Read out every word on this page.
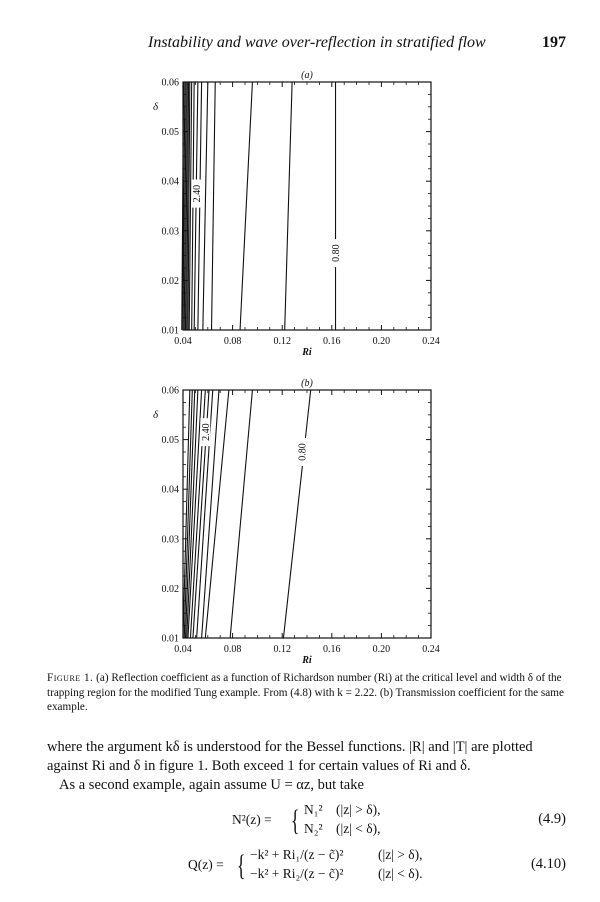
Instability and wave over-reflection in stratified flow	197
0.04	0.08	0.12	0.16	0.20	0.24
0.01
0.02
0.03
0.04
0.05
0.06
Ri
δ
(a)
2.40
0.80
0.04	0.08	0.12	0.16	0.20	0.24
0.01
0.02
0.03
0.04
0.05
0.06
Ri
δ
(b)
2.40
0.80
Figure 1. (a) Reflection coefficient as a function of Richardson number (Ri) at the critical level and width δ of the trapping region for the modified Tung example. From (4.8) with k = 2.22. (b) Transmission coefficient for the same example.
where the argument kδ is understood for the Bessel functions. |R| and |T| are plotted against Ri and δ in figure 1. Both exceed 1 for certain values of Ri and δ.
As a second example, again assume U = αz, but take
N²(z) = { N₁² (|z| > δ),
N₂² (|z| < δ),
(4.9)
Q(z) = { −k² + Ri₁/(z − c̃)²	(|z| > δ),
−k² + Ri₂/(z − c̃)²	(|z| < δ).
(4.10)
